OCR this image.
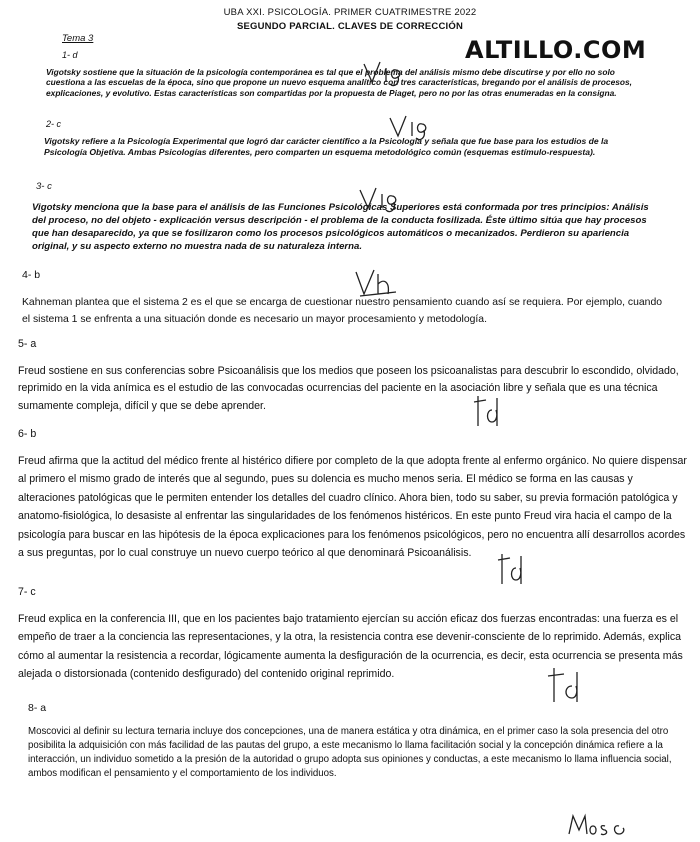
UBA XXI. PSICOLOGÍA. PRIMER CUATRIMESTRE 2022
SEGUNDO PARCIAL. CLAVES DE CORRECCIÓN
ALTILLO.COM
Tema 3
1- d
Vigotsky sostiene que la situación de la psicología contemporánea es tal que el problema del análisis mismo debe discutirse y por ello no solo cuestiona a las escuelas de la época, sino que propone un nuevo esquema analítico con tres características, bregando por el análisis de procesos, explicaciones, y evolutivo. Estas características son compartidas por la propuesta de Piaget, pero no por las otras enumeradas en la consigna.
2- c
Vigotsky refiere a la Psicología Experimental que logró dar carácter científico a la Psicología y señala que fue base para los estudios de la Psicología Objetiva. Ambas Psicologías diferentes, pero comparten un esquema metodológico común (esquemas estímulo-respuesta).
3- c
Vigotsky menciona que la base para el análisis de las Funciones Psicológicas Superiores está conformada por tres principios: Análisis del proceso, no del objeto - explicación versus descripción - el problema de la conducta fosilizada. Éste último sitúa que hay procesos que han desaparecido, ya que se fosilizaron como los procesos psicológicos automáticos o mecanizados. Perdieron su apariencia original, y su aspecto externo no muestra nada de su naturaleza interna.
4- b
Kahneman plantea que el sistema 2 es el que se encarga de cuestionar nuestro pensamiento cuando así se requiera. Por ejemplo, cuando el sistema 1 se enfrenta a una situación donde es necesario un mayor procesamiento y metodología.
5- a
Freud sostiene en sus conferencias sobre Psicoanálisis que los medios que poseen los psicoanalistas para descubrir lo escondido, olvidado, reprimido en la vida anímica es el estudio de las convocadas ocurrencias del paciente en la asociación libre y señala que es una técnica sumamente compleja, difícil y que se debe aprender.
6- b
Freud afirma que la actitud del médico frente al histérico difiere por completo de la que adopta frente al enfermo orgánico. No quiere dispensar al primero el mismo grado de interés que al segundo, pues su dolencia es mucho menos seria. El médico se forma en las causas y alteraciones patológicas que le permiten entender los detalles del cuadro clínico. Ahora bien, todo su saber, su previa formación patológica y anatomo-fisiológica, lo desasiste al enfrentar las singularidades de los fenómenos histéricos. En este punto Freud vira hacia el campo de la psicología para buscar en las hipótesis de la época explicaciones para los fenómenos psicológicos, pero no encuentra allí desarrollos acordes a sus preguntas, por lo cual construye un nuevo cuerpo teórico al que denominará Psicoanálisis.
7- c
Freud explica en la conferencia III, que en los pacientes bajo tratamiento ejercían su acción eficaz dos fuerzas encontradas: una fuerza es el empeño de traer a la conciencia las representaciones, y la otra, la resistencia contra ese devenir-consciente de lo reprimido. Además, explica cómo al aumentar la resistencia a recordar, lógicamente aumenta la desfiguración de la ocurrencia, es decir, esta ocurrencia se presenta más alejada o distorsionada (contenido desfigurado) del contenido original reprimido.
8- a
Moscovici al definir su lectura ternaria incluye dos concepciones, una de manera estática y otra dinámica, en el primer caso la sola presencia del otro posibilita la adquisición con más facilidad de las pautas del grupo, a este mecanismo lo llama facilitación social y la concepción dinámica refiere a la interacción, un individuo sometido a la presión de la autoridad o grupo adopta sus opiniones y conductas, a este mecanismo lo llama influencia social, ambos modifican el pensamiento y el comportamiento de los individuos.
